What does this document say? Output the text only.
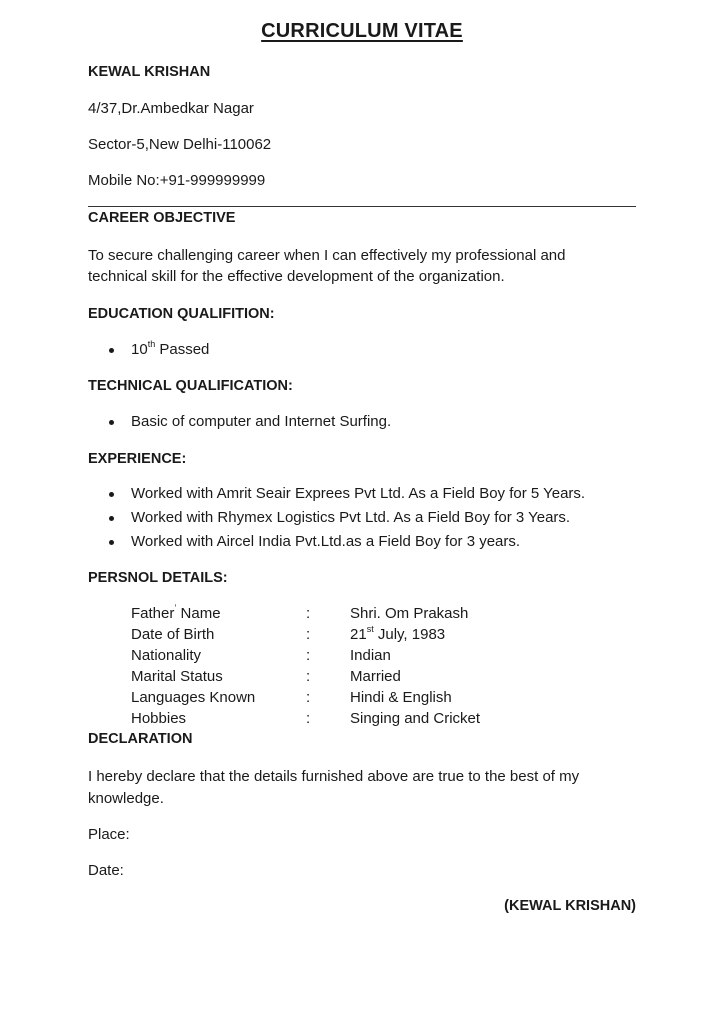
CURRICULUM VITAE
KEWAL KRISHAN
4/37,Dr.Ambedkar Nagar
Sector-5,New Delhi-110062
Mobile No:+91-999999999
CAREER OBJECTIVE
To secure challenging career when I can effectively my professional and
technical skill for the effective development of the organization.
EDUCATION QUALIFITION:
10th Passed
TECHNICAL QUALIFICATION:
Basic of computer and Internet Surfing.
EXPERIENCE:
Worked with Amrit Seair Exprees Pvt Ltd. As a Field Boy for 5 Years.
Worked with Rhymex Logistics Pvt Ltd. As a Field Boy for 3 Years.
Worked with Aircel India Pvt.Ltd.as a Field Boy for 3 years.
PERSNOL DETAILS:
Father’ Name	:	Shri. Om Prakash
Date of Birth	:	21st July, 1983
Nationality	:	Indian
Marital Status	:	Married
Languages Known	:	Hindi & English
Hobbies	:	Singing and Cricket
DECLARATION
I hereby declare that the details furnished above are true to the best of my
knowledge.
Place:
Date:
(KEWAL KRISHAN)
